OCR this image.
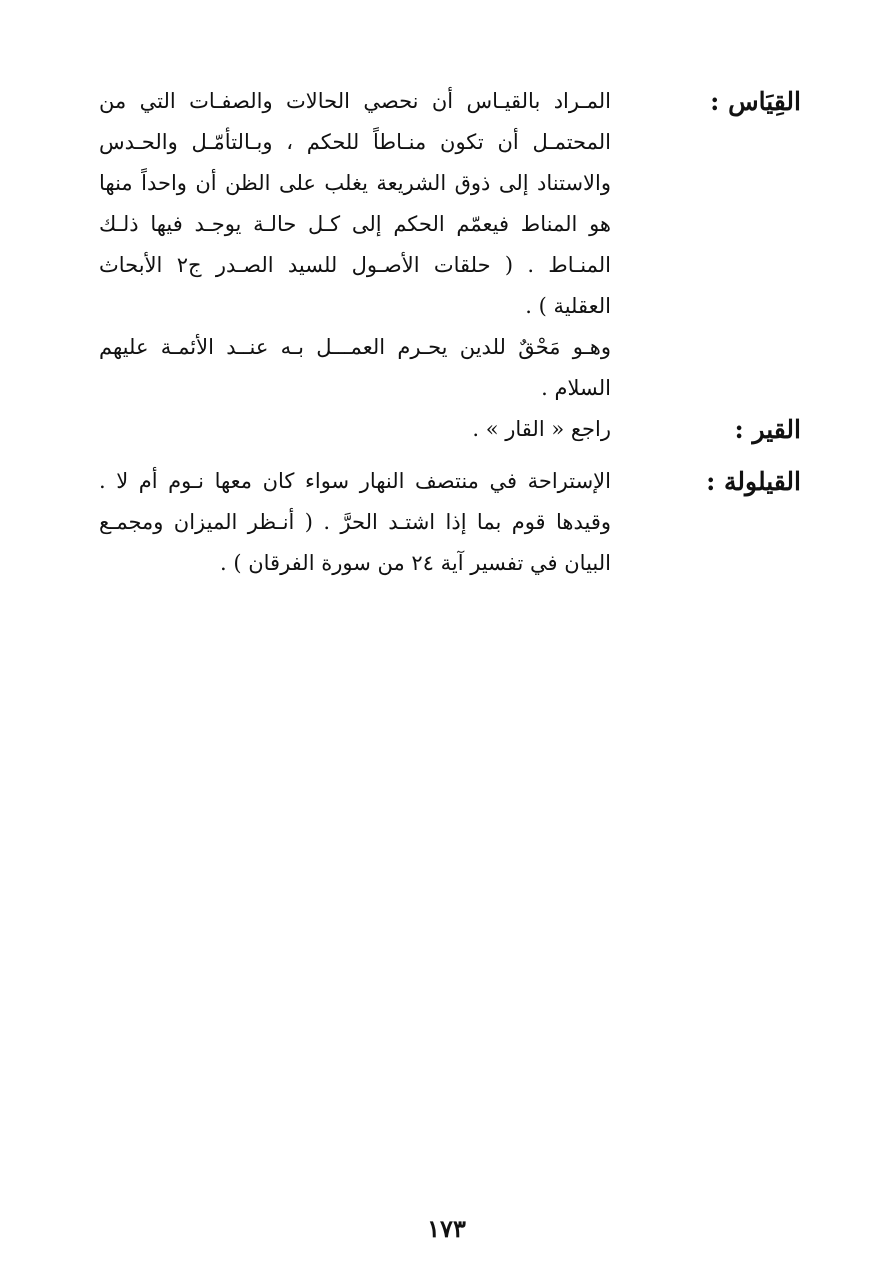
القِيَاس :

المـراد بالقيـاس أن نحصي الحالات والصفـات التي من المحتمـل أن تكون منـاطاً للحكم ، وبـالتأمّـل والحـدس والاستناد إلى ذوق الشريعة يغلب على الظن أن واحداً منها هو المناط فيعمّم الحكم إلى كـل حالـة يوجـد فيها ذلـك المنـاط . ( حلقات الأصـول للسيد الصـدر ج٢ الأبحاث العقلية ) .

وهـو مَحْقٌ للدين يحـرم العمـــل بـه عنــد الأئمـة عليهم السلام .

القير :

راجع « القار » .

القيلولة :

الإستراحة في منتصف النهار سواء كان معها نـوم أم لا . وقيدها قوم بما إذا اشتـد الحرَّ . ( أنـظر الميزان ومجمـع البيان في تفسير آية ٢٤ من سورة الفرقان ) .

١٧٣
